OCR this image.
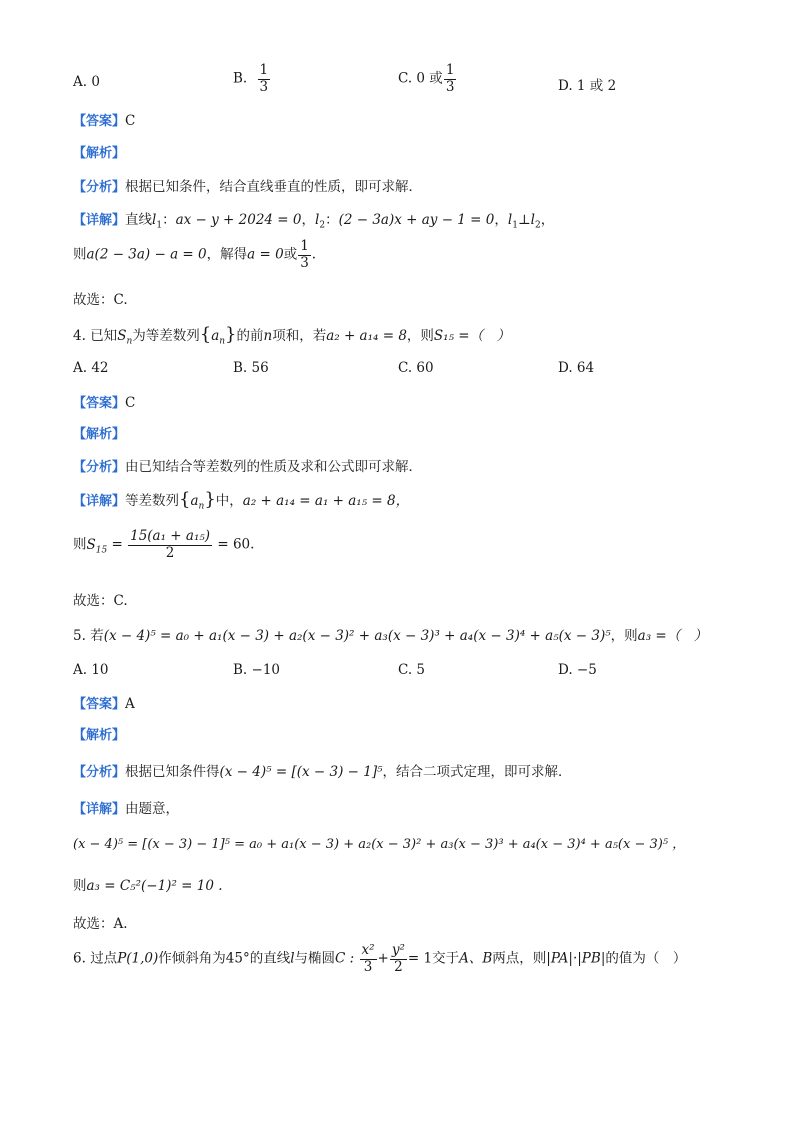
A. 0	B. $\frac{1}{3}$	C. 0 或 $\frac{1}{3}$	D. 1 或 2
【答案】C
【解析】
【分析】根据已知条件，结合直线垂直的性质，即可求解．
【详解】直线$l_1$：ax − y + 2024 = 0，$l_2$：(2 − 3a)x + ay − 1 = 0，$l_1\perp l_2$，
则a(2 − 3a) − a = 0，解得a = 0或 $\frac{1}{3}$ .
故选：C.
4. 已知$S_n$为等差数列$\{a_n\}$的前n项和，若a₂ + a₁₄ = 8，则S₁₅ =（　）
A. 42	B. 56	C. 60	D. 64
【答案】C
【解析】
【分析】由已知结合等差数列的性质及求和公式即可求解．
【详解】等差数列$\{a_n\}$中，a₂ + a₁₄ = a₁ + a₁₅ = 8，
则$S_{15} = \frac{\text{15(a₁ + a₁₅)}}{2} = 60$.
故选：C.
5. 若(x − 4)⁵ = a₀ + a₁(x − 3) + a₂(x − 3)² + a₃(x − 3)³ + a₄(x − 3)⁴ + a₅(x − 3)⁵，则a₃ =（　）
A. 10	B. −10	C. 5	D. −5
【答案】A
【解析】
【分析】根据已知条件得(x − 4)⁵ = [(x − 3) − 1]⁵，结合二项式定理，即可求解．
【详解】由题意，
(x − 4)⁵ = [(x − 3) − 1]⁵ = a₀ + a₁(x − 3) + a₂(x − 3)² + a₃(x − 3)³ + a₄(x − 3)⁴ + a₅(x − 3)⁵ ，
则a₃ = C₅²(−1)² = 10 .
故选：A.
6. 过点P(1,0)作倾斜角为45°的直线l与椭圆C : $\frac{\text{x²}}{3} + \frac{\text{y²}}{2} = 1$交于A、B两点，则|PA|·|PB|的值为（　）
